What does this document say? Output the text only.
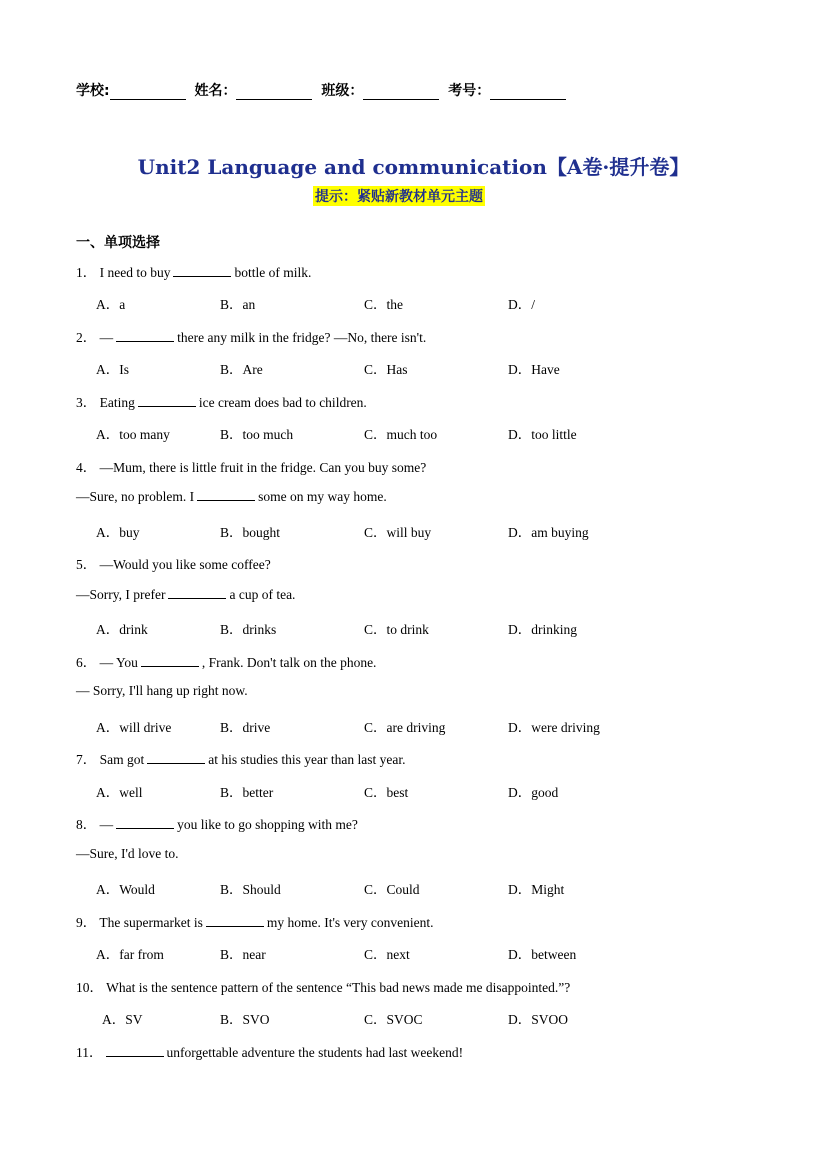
学校:	姓名：	班级：	考号：
Unit2 Language and communication【A卷·提升卷】
提示：紧贴新教材单元主题
一、单项选择
1． I need to buy	bottle of milk.
A．a	B．an	C．the	D．/
2． —	there any milk in the fridge? —No, there isn't.
A．Is	B．Are	C．Has	D．Have
3． Eating	ice cream does bad to children.
A．too many	B．too much	C．much too	D．too little
4． —Mum, there is little fruit in the fridge. Can you buy some?
—Sure, no problem. I	some on my way home.
A．buy	B．bought	C．will buy	D．am buying
5． —Would you like some coffee?
—Sorry, I prefer	a cup of tea.
A．drink	B．drinks	C．to drink	D．drinking
6． — You	, Frank. Don't talk on the phone.
— Sorry, I'll hang up right now.
A．will drive	B．drive	C．are driving	D．were driving
7． Sam got	at his studies this year than last year.
A．well	B．better	C．best	D．good
8． —	you like to go shopping with me?
—Sure, I'd love to.
A．Would	B．Should	C．Could	D．Might
9． The supermarket is	my home. It's very convenient.
A．far from	B．near	C．next	D．between
10． What is the sentence pattern of the sentence “This bad news made me disappointed.”?
A．SV	B．SVO	C．SVOC	D．SVOO
11．	unforgettable adventure the students had last weekend!
